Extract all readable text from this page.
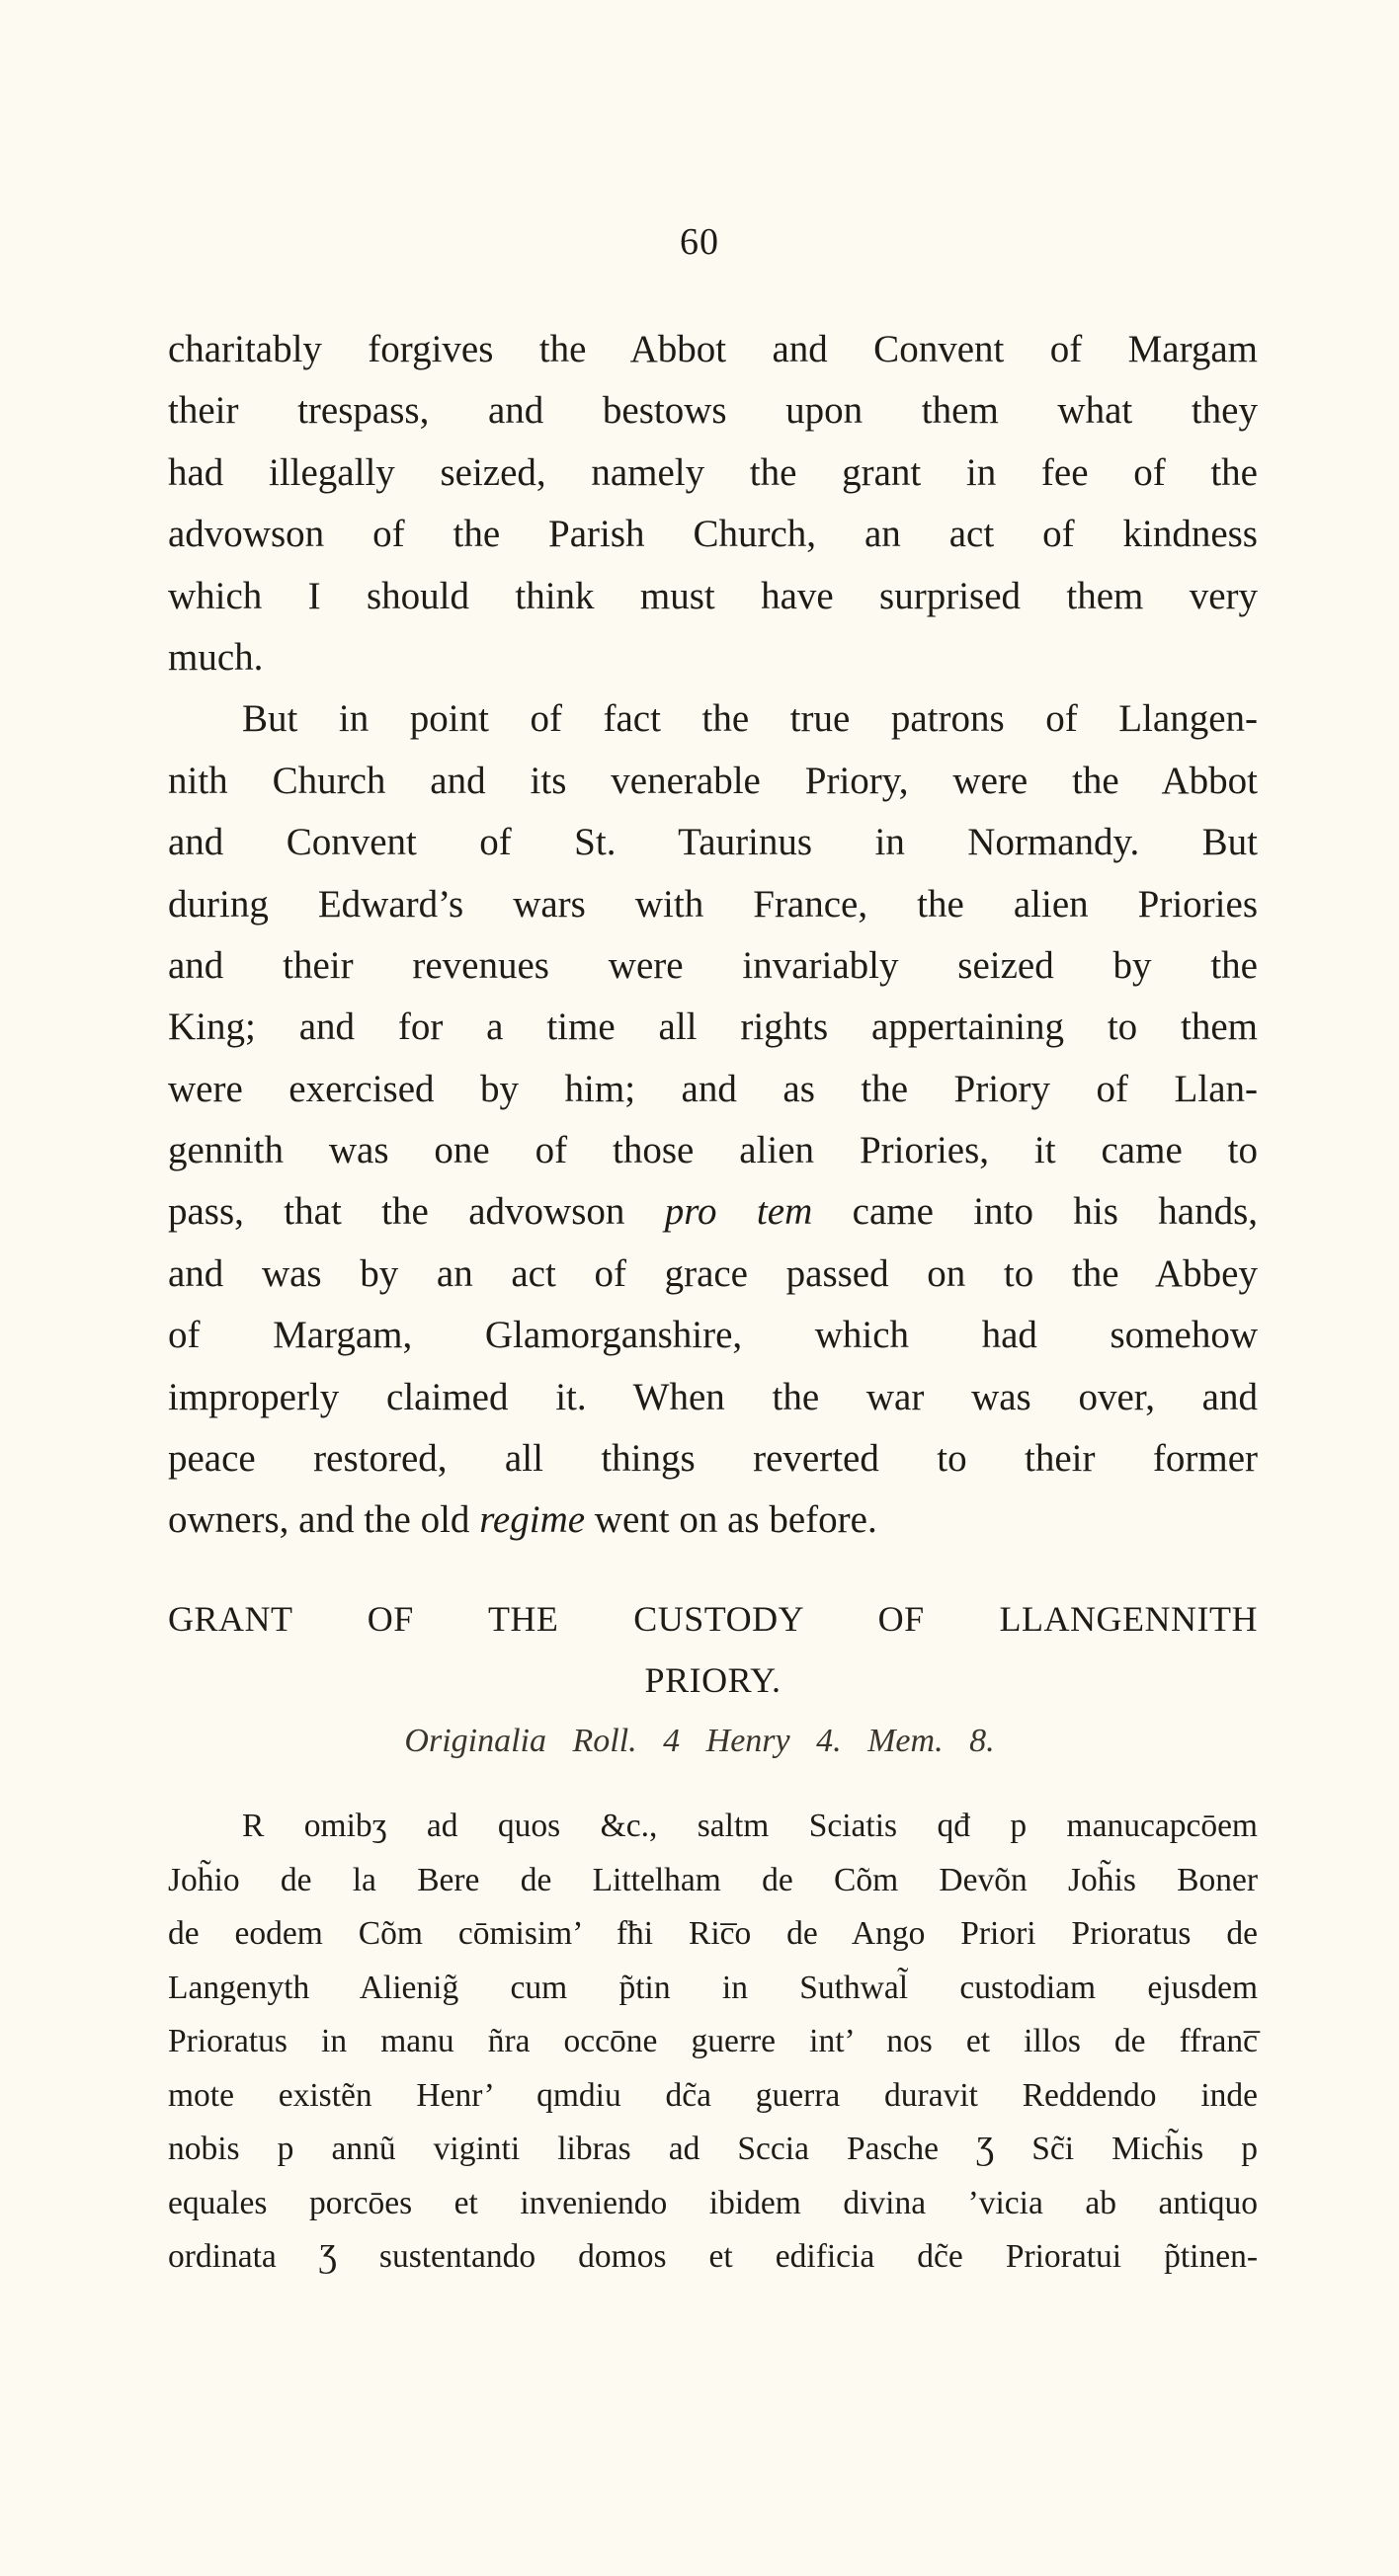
60
charitably forgives the Abbot and Convent of Margam
their trespass, and bestows upon them what they
had illegally seized, namely the grant in fee of the
advowson of the Parish Church, an act of kindness
which I should think must have surprised them very
much.
But in point of fact the true patrons of Llangen-
nith Church and its venerable Priory, were the Abbot
and Convent of St. Taurinus in Normandy. But
during Edward’s wars with France, the alien Priories
and their revenues were invariably seized by the
King; and for a time all rights appertaining to them
were exercised by him; and as the Priory of Llan-
gennith was one of those alien Priories, it came to
pass, that the advowson pro tem came into his hands,
and was by an act of grace passed on to the Abbey
of Margam, Glamorganshire, which had somehow
improperly claimed it. When the war was over, and
peace restored, all things reverted to their former
owners, and the old regime went on as before.
GRANT OF THE CUSTODY OF LLANGENNITH
PRIORY.
Originalia Roll. 4 Henry 4. Mem. 8.
R omibʒ ad quos &c., saltm Sciatis qđ p manucapcōem
Joh̃io de la Bere de Littelham de Cõm Devõn Joh̃is Boner
de eodem Cõm cōmisim’ fħi Ric̅o de Ango Priori Prioratus de
Langenyth Alienig̃ cum p̃tin in Suthwal̃ custodiam ejusdem
Prioratus in manu ñra occōne guerre int’ nos et illos de ffranc̅
mote existẽn Henr’ qmdiu dc̃a guerra duravit Reddendo inde
nobis p annũ viginti libras ad Sccia Pasche Ʒ Sc̃i Mich̃is p
equales porcōes et inveniendo ibidem divina ’vicia ab antiquo
ordinata Ʒ sustentando domos et edificia dc̃e Prioratui p̃tinen-
